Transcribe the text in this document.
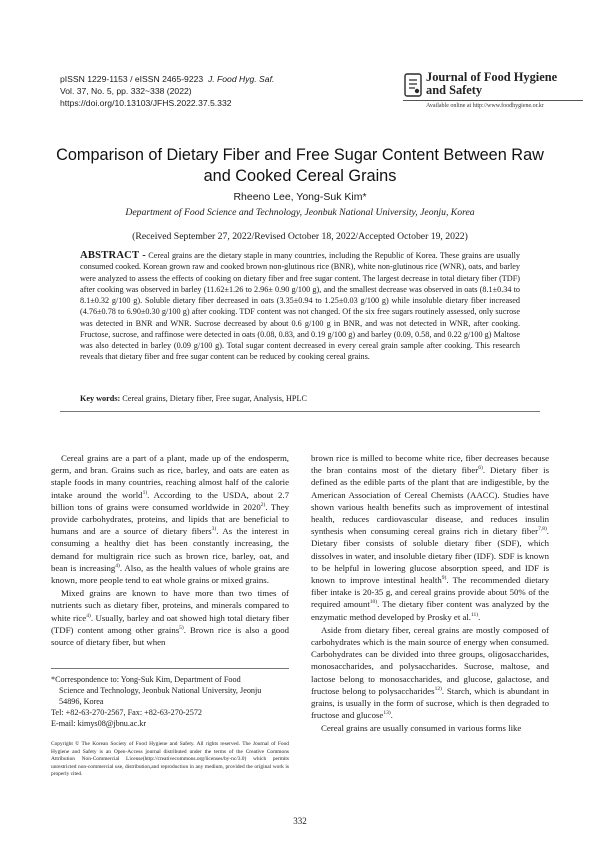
pISSN 1229-1153 / eISSN 2465-9223 J. Food Hyg. Saf.
Vol. 37, No. 5, pp. 332~338 (2022)
https://doi.org/10.13103/JFHS.2022.37.5.332
Journal of Food Hygiene
and Safety
Available online at http://www.foodhygiene.or.kr
Comparison of Dietary Fiber and Free Sugar Content Between Raw
and Cooked Cereal Grains
Rheeno Lee, Yong-Suk Kim*
Department of Food Science and Technology, Jeonbuk National University, Jeonju, Korea
(Received September 27, 2022/Revised October 18, 2022/Accepted October 19, 2022)
ABSTRACT - Cereal grains are the dietary staple in many countries, including the Republic of Korea. These grains are usually consumed cooked. Korean grown raw and cooked brown non-glutinous rice (BNR), white non-glutinous rice (WNR), oats, and barley were analyzed to assess the effects of cooking on dietary fiber and free sugar content. The largest decrease in total dietary fiber (TDF) after cooking was observed in barley (11.62±1.26 to 2.96± 0.90 g/100 g), and the smallest decrease was observed in oats (8.1±0.34 to 8.1±0.32 g/100 g). Soluble dietary fiber decreased in oats (3.35±0.94 to 1.25±0.03 g/100 g) while insoluble dietary fiber increased (4.76±0.78 to 6.90±0.30 g/100 g) after cooking. TDF content was not changed. Of the six free sugars routinely assessed, only sucrose was detected in BNR and WNR. Sucrose decreased by about 0.6 g/100 g in BNR, and was not detected in WNR, after cooking. Fructose, sucrose, and raffinose were detected in oats (0.08, 0.83, and 0.19 g/100 g) and barley (0.09, 0.58, and 0.22 g/100 g) Maltose was also detected in barley (0.09 g/100 g). Total sugar content decreased in every cereal grain sample after cooking. This research reveals that dietary fiber and free sugar content can be reduced by cooking cereal grains.
Key words: Cereal grains, Dietary fiber, Free sugar, Analysis, HPLC

Cereal grains are a part of a plant, made up of the endosperm, germ, and bran. Grains such as rice, barley, and oats are eaten as staple foods in many countries, reaching almost half of the calorie intake around the world$^{1)}$. According to the USDA, about 2.7 billion tons of grains were consumed worldwide in 2020$^{2)}$. They provide carbohydrates, proteins, and lipids that are beneficial to humans and are a source of dietary fibers$^{3)}$. As the interest in consuming a healthy diet has been constantly increasing, the demand for multigrain rice such as brown rice, barley, oat, and bean is increasing$^{4)}$. Also, as the health values of whole grains are known, more people tend to eat whole grains or mixed grains.

Mixed grains are known to have more than two times of nutrients such as dietary fiber, proteins, and minerals compared to white rice$^{4)}$. Usually, barley and oat showed high total dietary fiber (TDF) content among other grains$^{5)}$. Brown rice is also a good source of dietary fiber, but when

brown rice is milled to become white rice, fiber decreases because the bran contains most of the dietary fiber$^{6)}$. Dietary fiber is defined as the edible parts of the plant that are indigestible, by the American Association of Cereal Chemists (AACC). Studies have shown various health benefits such as improvement of intestinal health, reduces cardiovascular disease, and reduces insulin synthesis when consuming cereal grains rich in dietary fiber$^{7,8)}$. Dietary fiber consists of soluble dietary fiber (SDF), which dissolves in water, and insoluble dietary fiber (IDF). SDF is known to be helpful in lowering glucose absorption speed, and IDF is known to improve intestinal health$^{9)}$. The recommended dietary fiber intake is 20-35 g, and cereal grains provide about 50% of the required amount$^{10)}$. The dietary fiber content was analyzed by the enzymatic method developed by Prosky et al.$^{11)}$.

Aside from dietary fiber, cereal grains are mostly composed of carbohydrates which is the main source of energy when consumed. Carbohydrates can be divided into three groups, oligosaccharides, monosaccharides, and polysaccharides. Sucrose, maltose, and lactose belong to monosaccharides, and glucose, galactose, and fructose belong to polysaccharides$^{12)}$. Starch, which is abundant in grains, is usually in the form of sucrose, which is then degraded to fructose and glucose$^{13)}$.

Cereal grains are usually consumed in various forms like

*Correspondence to: Yong-Suk Kim, Department of Food
Science and Technology, Jeonbuk National University, Jeonju
54896, Korea
Tel: +82-63-270-2567, Fax: +82-63-270-2572
E-mail: kimys08@jbnu.ac.kr
Copyright © The Korean Society of Food Hygiene and Safety. All rights reserved. The Journal of Food Hygiene and Safety is an Open-Access journal distributed under the terms of the Creative Commons Attribution Non-Commercial License(http://creativecommons.org/licenses/by-nc/3.0) which permits unrestricted non-commercial use, distribution,and reproduction in any medium, provided the original work is properly cited.
332
